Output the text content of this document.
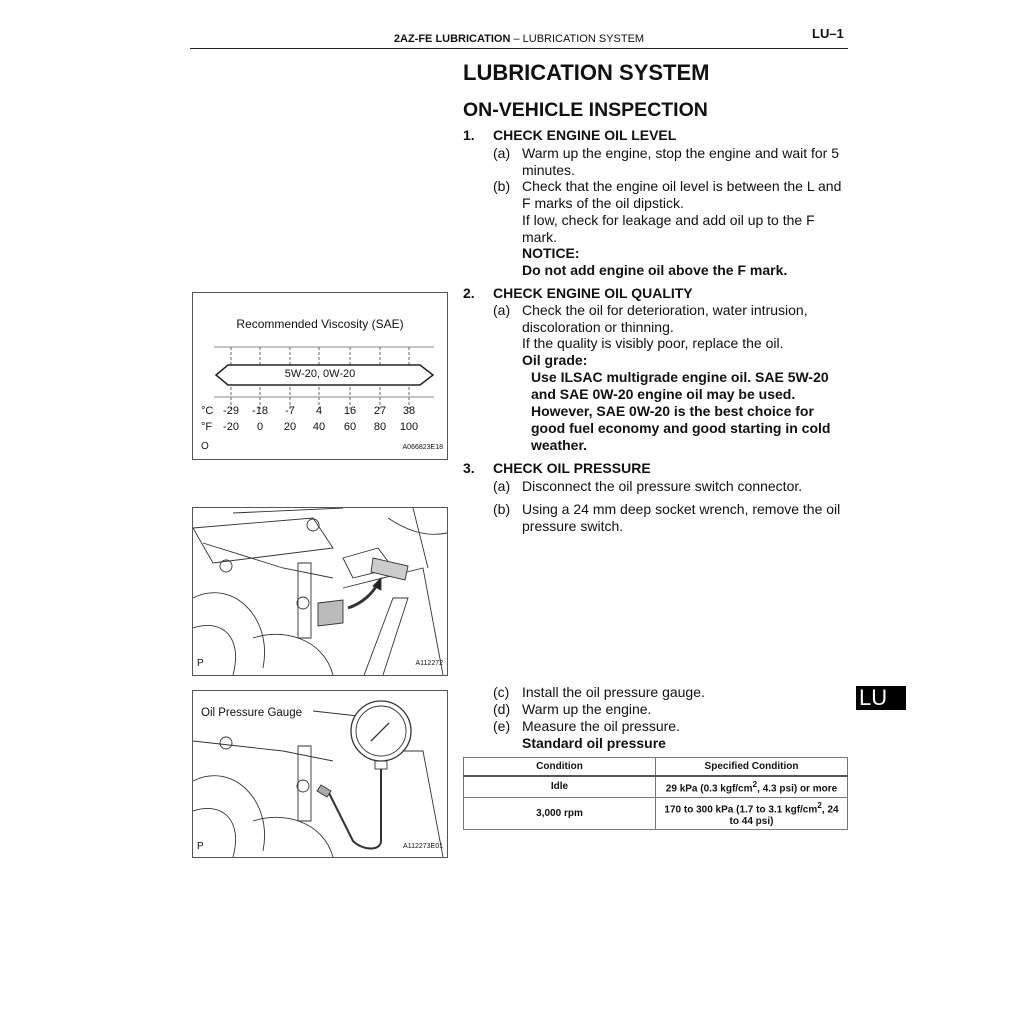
2AZ-FE LUBRICATION – LUBRICATION SYSTEM	LU–1
LUBRICATION SYSTEM
ON-VEHICLE INSPECTION
1. CHECK ENGINE OIL LEVEL
(a) Warm up the engine, stop the engine and wait for 5 minutes.
(b) Check that the engine oil level is between the L and F marks of the oil dipstick.
If low, check for leakage and add oil up to the F mark.
NOTICE:
Do not add engine oil above the F mark.
2. CHECK ENGINE OIL QUALITY
(a) Check the oil for deterioration, water intrusion, discoloration or thinning.
If the quality is visibly poor, replace the oil.
Oil grade:
Use ILSAC multigrade engine oil. SAE 5W-20 and SAE 0W-20 engine oil may be used. However, SAE 0W-20 is the best choice for good fuel economy and good starting in cold weather.
3. CHECK OIL PRESSURE
(a) Disconnect the oil pressure switch connector.
(b) Using a 24 mm deep socket wrench, remove the oil pressure switch.
(c) Install the oil pressure gauge.
(d) Warm up the engine.
(e) Measure the oil pressure.
Standard oil pressure
Condition	Specified Condition
Idle	29 kPa (0.3 kgf/$cm^2$, 4.3 psi) or more
3,000 rpm	170 to 300 kPa (1.7 to 3.1 kgf/$cm^2$, 24 to 44 psi)
LU
Recommended Viscosity (SAE)
5W-20, 0W-20
°C
°F
-29	-18	-7	4	16	27	38
-20	0	20	40	60	80	100
O	A066823E18
P	A112272
Oil Pressure Gauge
P	A112273E01
